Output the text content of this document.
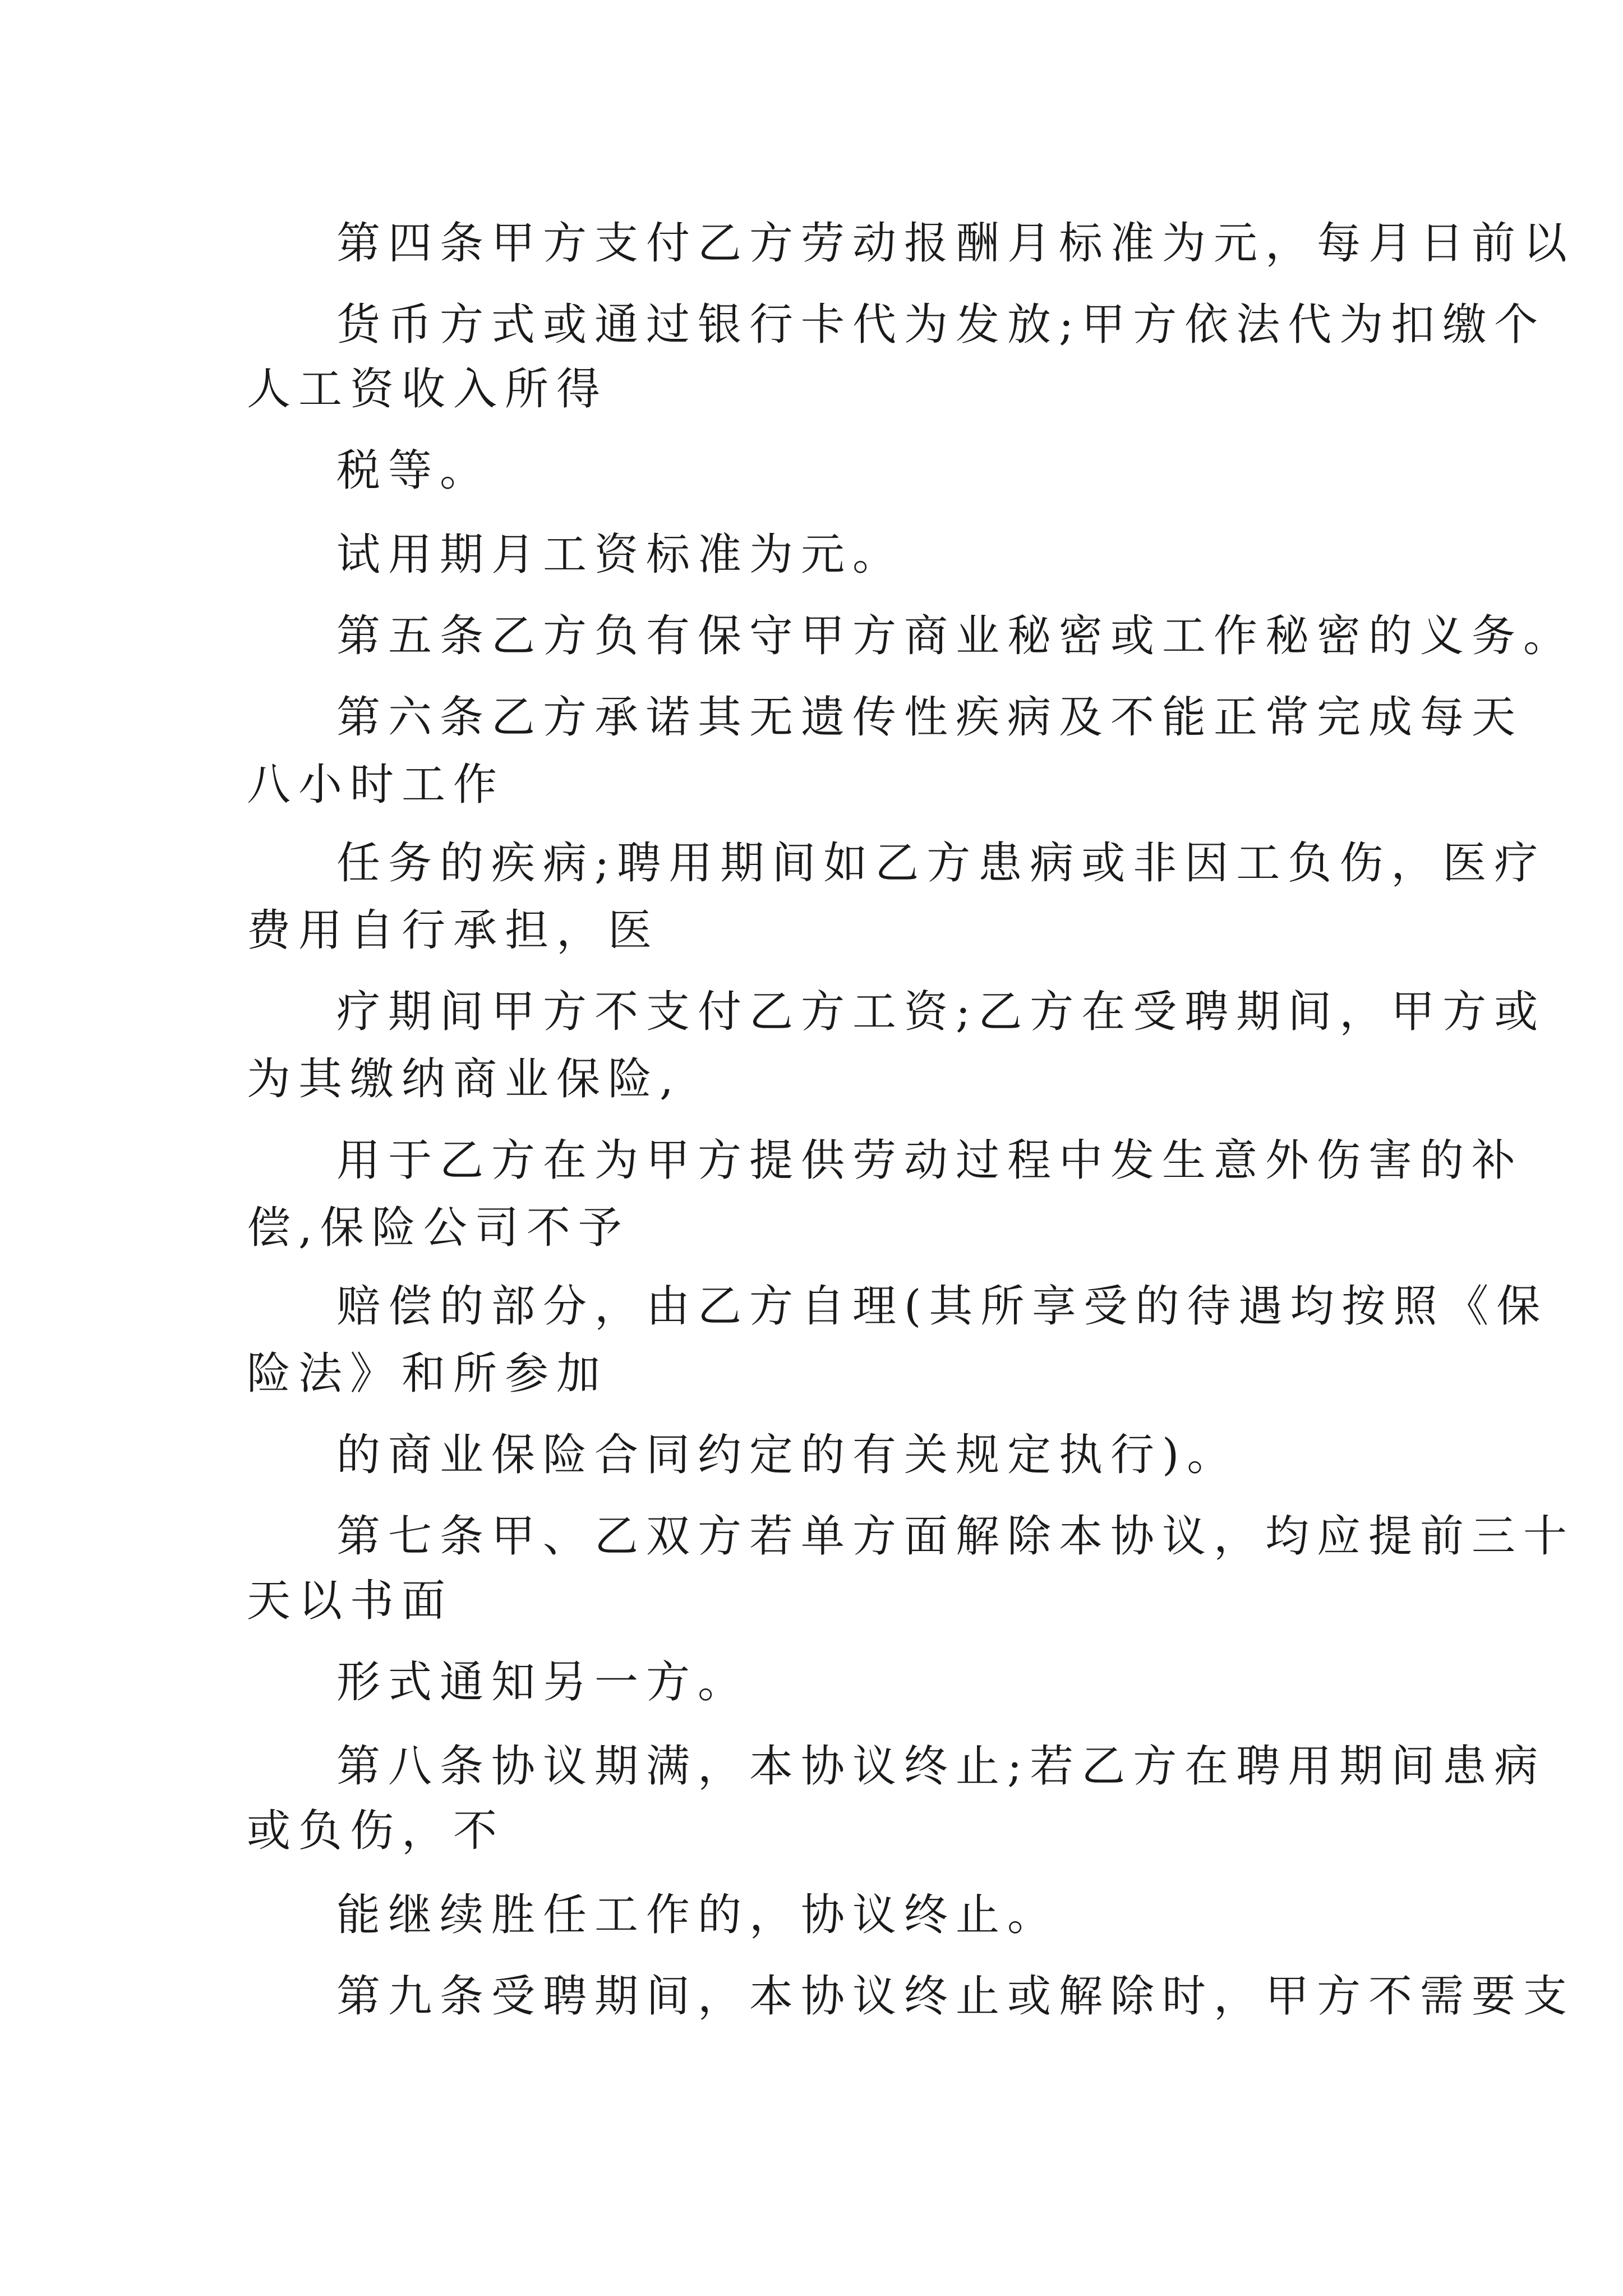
第四条甲方支付乙方劳动报酬月标准为元，每月日前以
货币方式或通过银行卡代为发放;甲方依法代为扣缴个
人工资收入所得
税等。
试用期月工资标准为元。
第五条乙方负有保守甲方商业秘密或工作秘密的义务。
第六条乙方承诺其无遗传性疾病及不能正常完成每天
八小时工作
任务的疾病;聘用期间如乙方患病或非因工负伤，医疗
费用自行承担，医
疗期间甲方不支付乙方工资;乙方在受聘期间，甲方或
为其缴纳商业保险,
用于乙方在为甲方提供劳动过程中发生意外伤害的补
偿,保险公司不予
赔偿的部分，由乙方自理(其所享受的待遇均按照《保
险法》和所参加
的商业保险合同约定的有关规定执行)。
第七条甲、乙双方若单方面解除本协议，均应提前三十
天以书面
形式通知另一方。
第八条协议期满，本协议终止;若乙方在聘用期间患病
或负伤，不
能继续胜任工作的，协议终止。
第九条受聘期间，本协议终止或解除时，甲方不需要支
